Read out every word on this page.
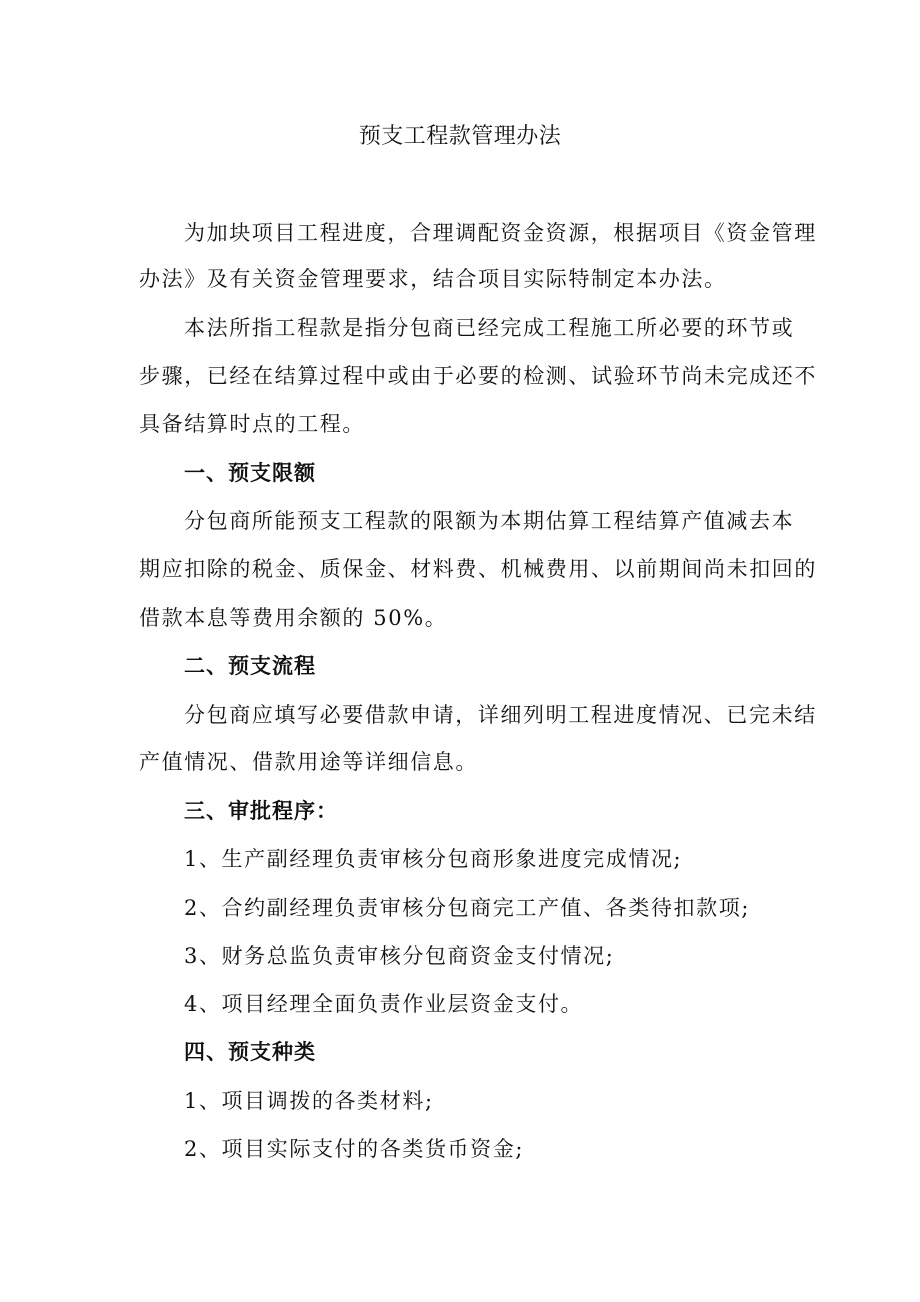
预支工程款管理办法
为加块项目工程进度，合理调配资金资源，根据项目《资金管理
办法》及有关资金管理要求，结合项目实际特制定本办法。
本法所指工程款是指分包商已经完成工程施工所必要的环节或
步骤，已经在结算过程中或由于必要的检测、试验环节尚未完成还不
具备结算时点的工程。
一、预支限额
分包商所能预支工程款的限额为本期估算工程结算产值减去本
期应扣除的税金、质保金、材料费、机械费用、以前期间尚未扣回的
借款本息等费用余额的 50%。
二、预支流程
分包商应填写必要借款申请，详细列明工程进度情况、已完未结
产值情况、借款用途等详细信息。
三、审批程序：
1、生产副经理负责审核分包商形象进度完成情况;
2、合约副经理负责审核分包商完工产值、各类待扣款项;
3、财务总监负责审核分包商资金支付情况;
4、项目经理全面负责作业层资金支付。
四、预支种类
1、项目调拨的各类材料;
2、项目实际支付的各类货币资金;
